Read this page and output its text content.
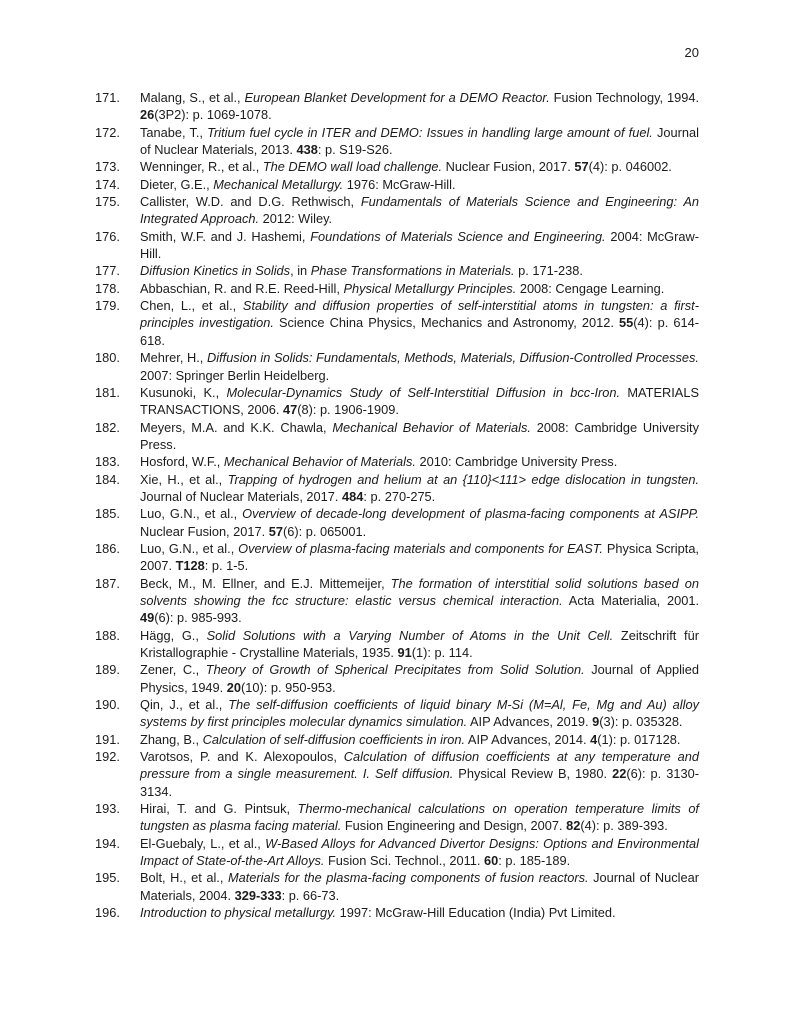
20
171. Malang, S., et al., European Blanket Development for a DEMO Reactor. Fusion Technology, 1994. 26(3P2): p. 1069-1078.
172. Tanabe, T., Tritium fuel cycle in ITER and DEMO: Issues in handling large amount of fuel. Journal of Nuclear Materials, 2013. 438: p. S19-S26.
173. Wenninger, R., et al., The DEMO wall load challenge. Nuclear Fusion, 2017. 57(4): p. 046002.
174. Dieter, G.E., Mechanical Metallurgy. 1976: McGraw-Hill.
175. Callister, W.D. and D.G. Rethwisch, Fundamentals of Materials Science and Engineering: An Integrated Approach. 2012: Wiley.
176. Smith, W.F. and J. Hashemi, Foundations of Materials Science and Engineering. 2004: McGraw-Hill.
177. Diffusion Kinetics in Solids, in Phase Transformations in Materials. p. 171-238.
178. Abbaschian, R. and R.E. Reed-Hill, Physical Metallurgy Principles. 2008: Cengage Learning.
179. Chen, L., et al., Stability and diffusion properties of self-interstitial atoms in tungsten: a first-principles investigation. Science China Physics, Mechanics and Astronomy, 2012. 55(4): p. 614-618.
180. Mehrer, H., Diffusion in Solids: Fundamentals, Methods, Materials, Diffusion-Controlled Processes. 2007: Springer Berlin Heidelberg.
181. Kusunoki, K., Molecular-Dynamics Study of Self-Interstitial Diffusion in bcc-Iron. MATERIALS TRANSACTIONS, 2006. 47(8): p. 1906-1909.
182. Meyers, M.A. and K.K. Chawla, Mechanical Behavior of Materials. 2008: Cambridge University Press.
183. Hosford, W.F., Mechanical Behavior of Materials. 2010: Cambridge University Press.
184. Xie, H., et al., Trapping of hydrogen and helium at an {110}<111> edge dislocation in tungsten. Journal of Nuclear Materials, 2017. 484: p. 270-275.
185. Luo, G.N., et al., Overview of decade-long development of plasma-facing components at ASIPP. Nuclear Fusion, 2017. 57(6): p. 065001.
186. Luo, G.N., et al., Overview of plasma-facing materials and components for EAST. Physica Scripta, 2007. T128: p. 1-5.
187. Beck, M., M. Ellner, and E.J. Mittemeijer, The formation of interstitial solid solutions based on solvents showing the fcc structure: elastic versus chemical interaction. Acta Materialia, 2001. 49(6): p. 985-993.
188. Hägg, G., Solid Solutions with a Varying Number of Atoms in the Unit Cell. Zeitschrift für Kristallographie - Crystalline Materials, 1935. 91(1): p. 114.
189. Zener, C., Theory of Growth of Spherical Precipitates from Solid Solution. Journal of Applied Physics, 1949. 20(10): p. 950-953.
190. Qin, J., et al., The self-diffusion coefficients of liquid binary M-Si (M=Al, Fe, Mg and Au) alloy systems by first principles molecular dynamics simulation. AIP Advances, 2019. 9(3): p. 035328.
191. Zhang, B., Calculation of self-diffusion coefficients in iron. AIP Advances, 2014. 4(1): p. 017128.
192. Varotsos, P. and K. Alexopoulos, Calculation of diffusion coefficients at any temperature and pressure from a single measurement. I. Self diffusion. Physical Review B, 1980. 22(6): p. 3130-3134.
193. Hirai, T. and G. Pintsuk, Thermo-mechanical calculations on operation temperature limits of tungsten as plasma facing material. Fusion Engineering and Design, 2007. 82(4): p. 389-393.
194. El-Guebaly, L., et al., W-Based Alloys for Advanced Divertor Designs: Options and Environmental Impact of State-of-the-Art Alloys. Fusion Sci. Technol., 2011. 60: p. 185-189.
195. Bolt, H., et al., Materials for the plasma-facing components of fusion reactors. Journal of Nuclear Materials, 2004. 329-333: p. 66-73.
196. Introduction to physical metallurgy. 1997: McGraw-Hill Education (India) Pvt Limited.
